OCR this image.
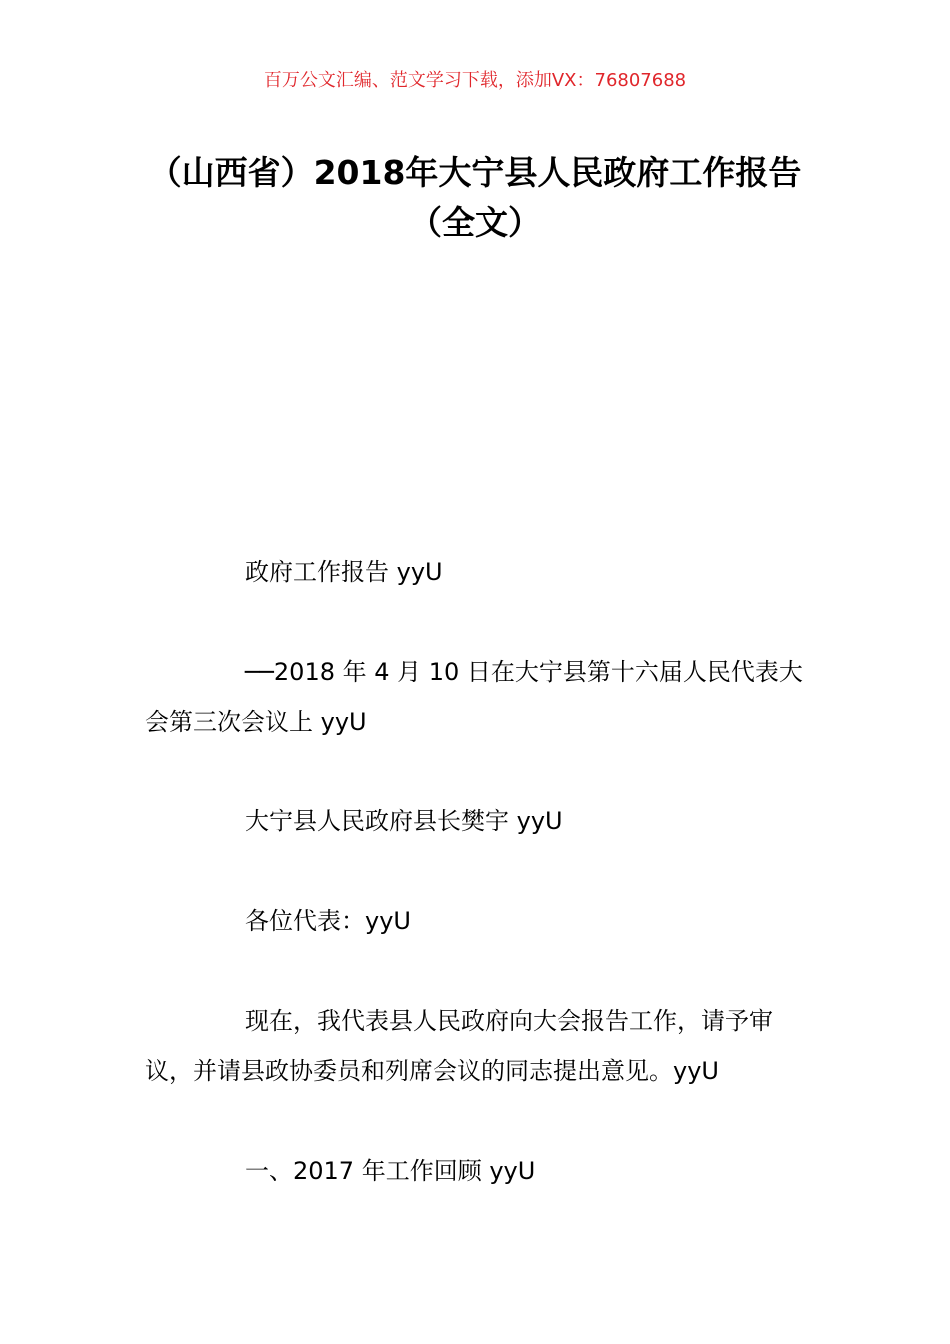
百万公文汇编、范文学习下载，添加VX：76807688
（山西省）2018年大宁县人民政府工作报告（全文）

政府工作报告 yyU

──2018 年 4 月 10 日在大宁县第十六届人民代表大会第三次会议上 yyU

大宁县人民政府县长樊宇 yyU

各位代表：yyU

现在，我代表县人民政府向大会报告工作，请予审议，并请县政协委员和列席会议的同志提出意见。yyU

一、2017 年工作回顾 yyU
